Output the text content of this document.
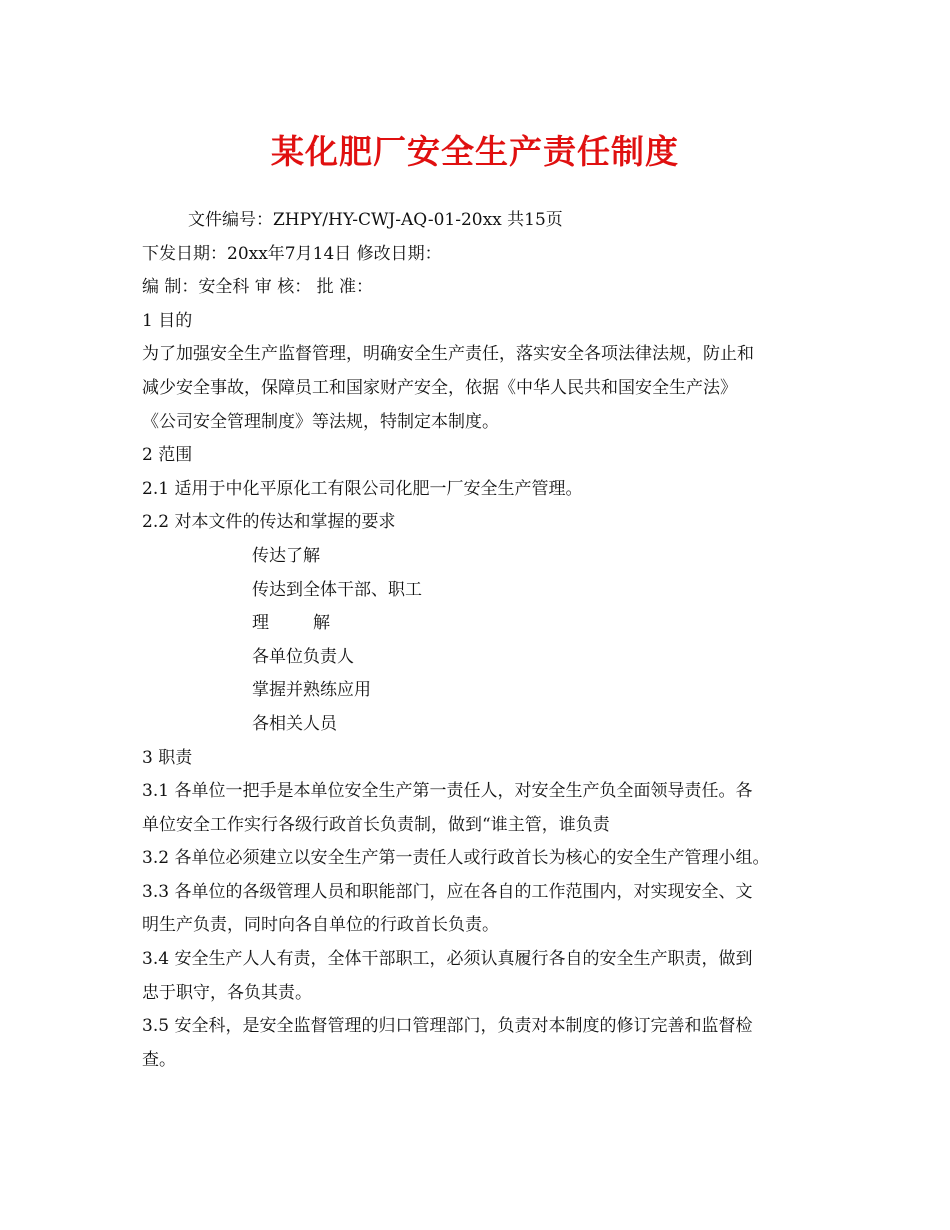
某化肥厂安全生产责任制度
文件编号：ZHPY/HY-CWJ-AQ-01-20xx 共15页
下发日期：20xx年7月14日 修改日期：
编 制：安全科 审 核： 批 准：
1 目的
为了加强安全生产监督管理，明确安全生产责任，落实安全各项法律法规，防止和
减少安全事故，保障员工和国家财产安全，依据《中华人民共和国安全生产法》
《公司安全管理制度》等法规，特制定本制度。
2 范围
2.1 适用于中化平原化工有限公司化肥一厂安全生产管理。
2.2 对本文件的传达和掌握的要求
传达了解
传达到全体干部、职工
理	解
各单位负责人
掌握并熟练应用
各相关人员
3 职责
3.1 各单位一把手是本单位安全生产第一责任人，对安全生产负全面领导责任。各
单位安全工作实行各级行政首长负责制，做到“谁主管，谁负责
3.2 各单位必须建立以安全生产第一责任人或行政首长为核心的安全生产管理小组。
3.3 各单位的各级管理人员和职能部门，应在各自的工作范围内，对实现安全、文
明生产负责，同时向各自单位的行政首长负责。
3.4 安全生产人人有责，全体干部职工，必须认真履行各自的安全生产职责，做到
忠于职守，各负其责。
3.5 安全科，是安全监督管理的归口管理部门，负责对本制度的修订完善和监督检
查。
